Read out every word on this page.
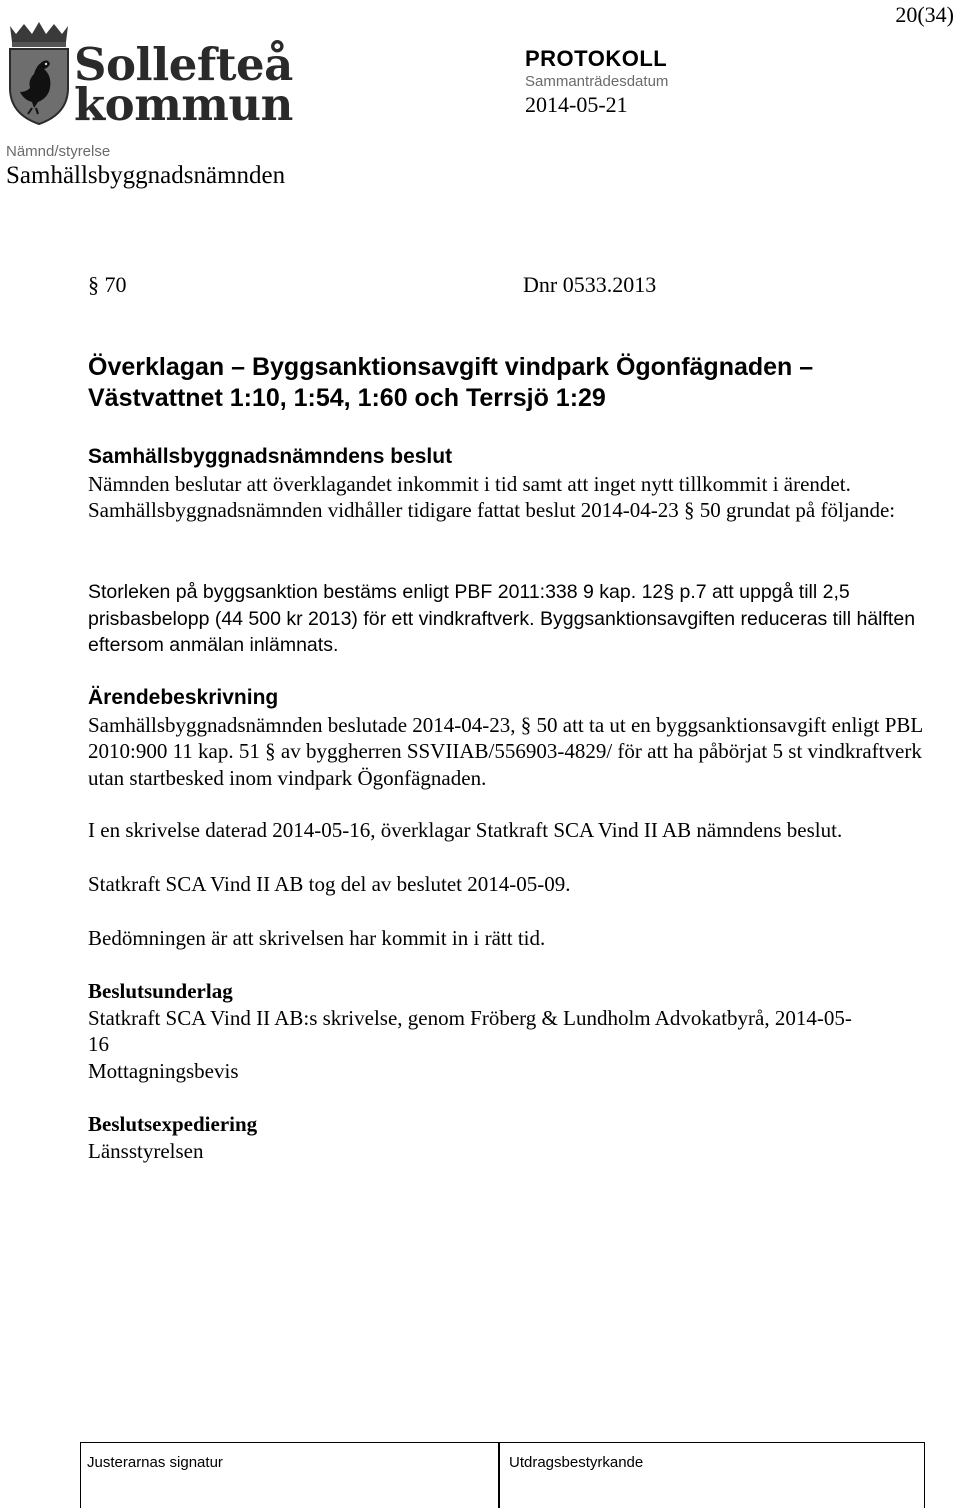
20(34)
Sollefteå
kommun
PROTOKOLL
Sammanträdesdatum
2014-05-21
Nämnd/styrelse
Samhällsbyggnadsnämnden
§ 70	Dnr 0533.2013
Överklagan – Byggsanktionsavgift vindpark Ögonfägnaden –
Västvattnet 1:10, 1:54, 1:60 och Terrsjö 1:29

Samhällsbyggnadsnämndens beslut

Nämnden beslutar att överklagandet inkommit i tid samt att inget nytt tillkommit i ärendet.

Samhällsbyggnadsnämnden vidhåller tidigare fattat beslut 2014-04-23 § 50 grundat på följande:

Storleken på byggsanktion bestäms enligt PBF 2011:338 9 kap. 12§ p.7 att uppgå till 2,5 prisbasbelopp (44 500 kr 2013) för ett vindkraftverk. Byggsanktionsavgiften reduceras till hälften eftersom anmälan inlämnats.

Ärendebeskrivning

Samhällsbyggnadsnämnden beslutade 2014-04-23, § 50 att ta ut en byggsanktionsavgift enligt PBL 2010:900 11 kap. 51 § av byggherren SSVIIAB/556903-4829/ för att ha påbörjat 5 st vindkraftverk utan startbesked inom vindpark Ögonfägnaden.

I en skrivelse daterad 2014-05-16, överklagar Statkraft SCA Vind II AB nämndens beslut.
Statkraft SCA Vind II AB tog del av beslutet 2014-05-09.
Bedömningen är att skrivelsen har kommit in i rätt tid.

Beslutsunderlag

Statkraft SCA Vind II AB:s skrivelse, genom Fröberg & Lundholm Advokatbyrå, 2014-05-16

Mottagningsbevis

Beslutsexpediering

Länsstyrelsen

Justerarnas signatur	Utdragsbestyrkande
